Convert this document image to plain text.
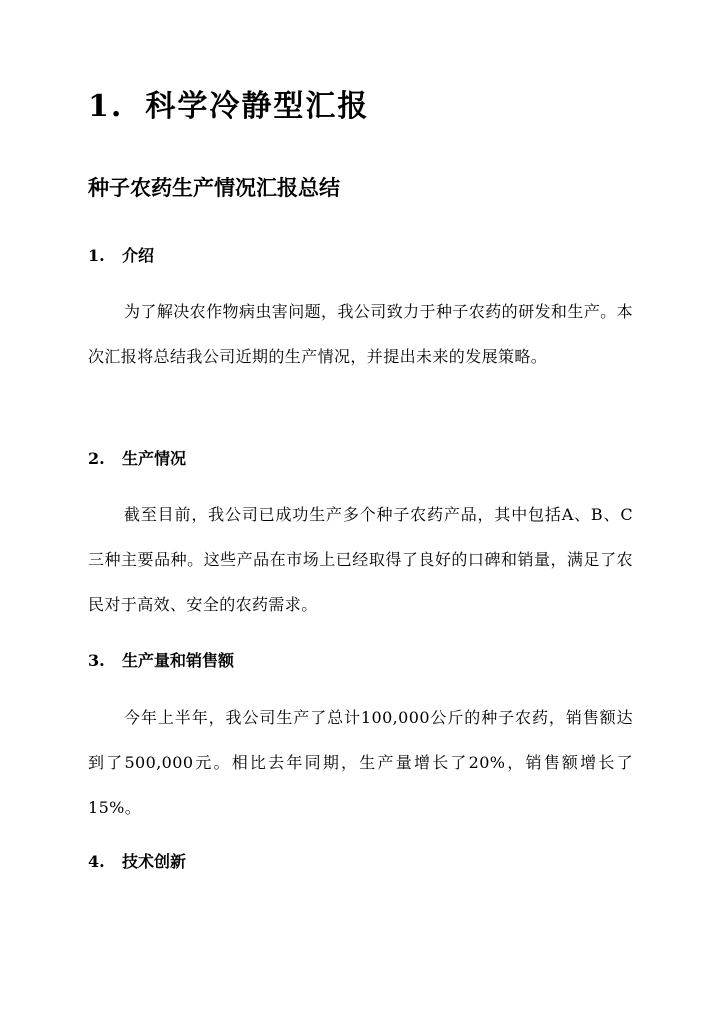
1. 科学冷静型汇报
种子农药生产情况汇报总结
1. 介绍

为了解决农作物病虫害问题，我公司致力于种子农药的研发和生产。本次汇报将总结我公司近期的生产情况，并提出未来的发展策略。

2. 生产情况

截至目前，我公司已成功生产多个种子农药产品，其中包括A、B、C三种主要品种。这些产品在市场上已经取得了良好的口碑和销量，满足了农民对于高效、安全的农药需求。

3. 生产量和销售额

今年上半年，我公司生产了总计100,000公斤的种子农药，销售额达到了500,000元。相比去年同期，生产量增长了20%，销售额增长了15%。

4. 技术创新
